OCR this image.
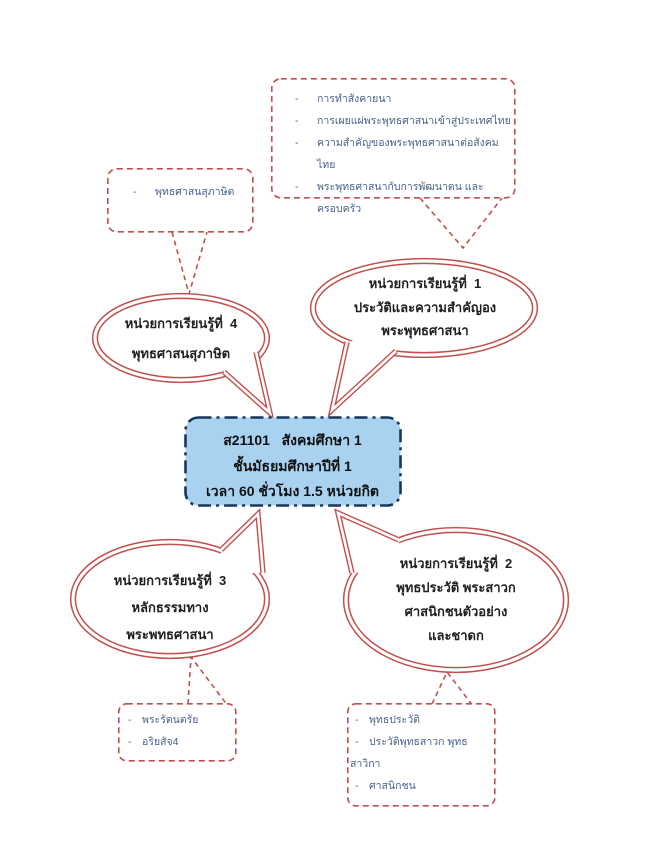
ส21101   สังคมศึกษา 1
ชั้นมัธยมศึกษาปีที่ 1
เวลา 60 ชั่วโมง 1.5 หน่วยกิต
หน่วยการเรียนรู้ที่  1
ประวัติและความสำคัญอง
พระพุทธศาสนา
หน่วยการเรียนรู้ที่  4
พุทธศาสนสุภาษิต
หน่วยการเรียนรู้ที่  3
หลักธรรมทาง
พระพทธศาสนา
หน่วยการเรียนรู้ที่  2
พุทธประวัติ พระสาวก
ศาสนิกชนตัวอย่าง
และชาดก
-	พุทธศาสนสุภาษิต
-	การทำสังคายนา
-	การเผยแผ่พระพุทธศาสนาเข้าสู่ประเทศไทย
-	ความสำคัญของพระพุทธศาสนาต่อสังคมไทย
-	พระพุทธศาสนากับการพัฒนาตน และ
ครอบครัว
- พระรัตนตรัย
- อริยสัจ4
- พุทธประวัติ
- ประวัติพุทธสาวก พุทธ
สาวิกา
- ศาสนิกชน
